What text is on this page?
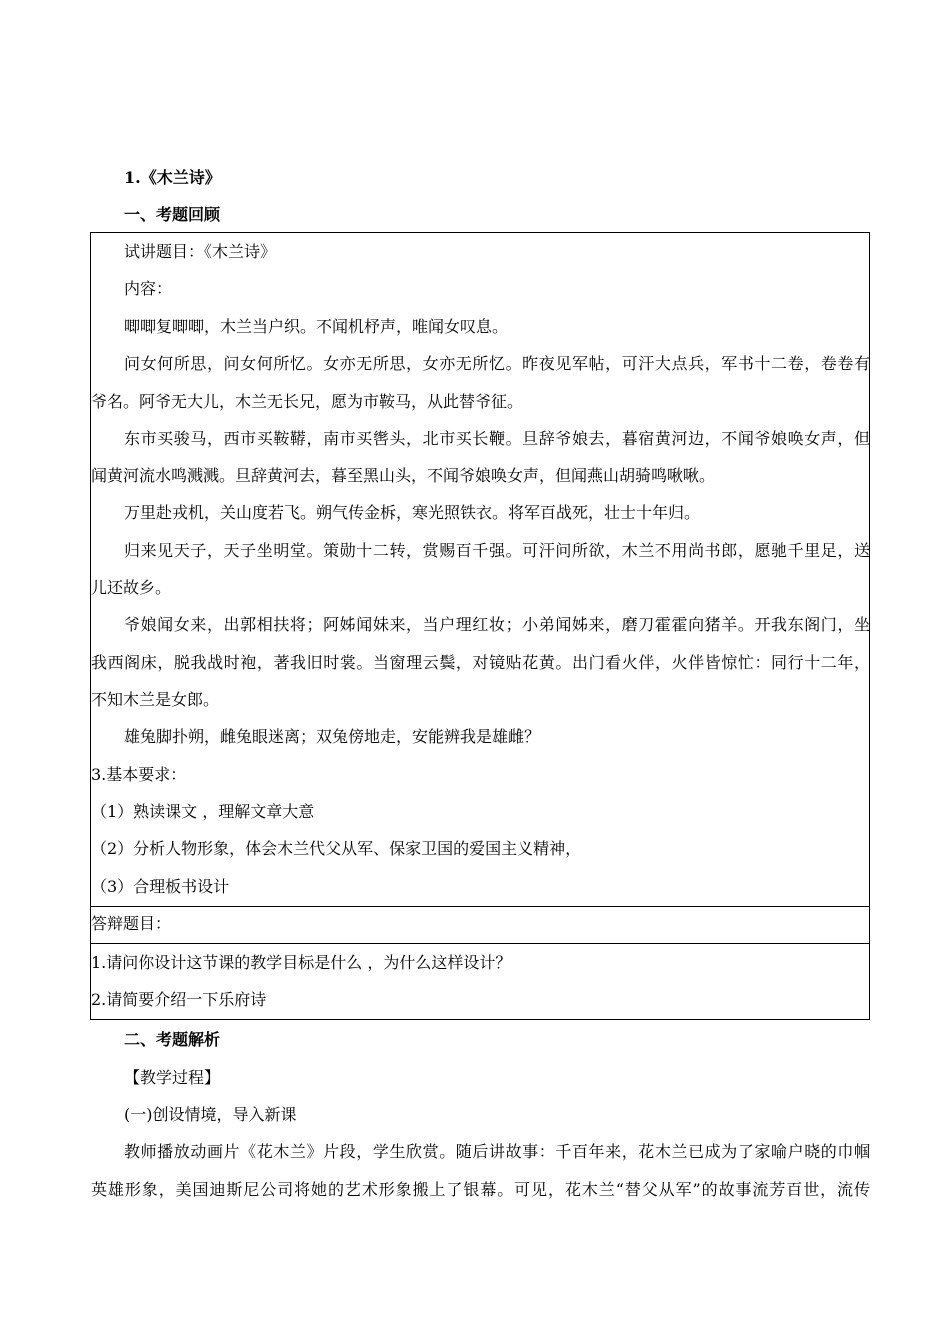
1.《木兰诗》
一、考题回顾
试讲题目：《木兰诗》
内容：
唧唧复唧唧，木兰当户织。不闻机杼声，唯闻女叹息。
问女何所思，问女何所忆。女亦无所思，女亦无所忆。昨夜见军帖，可汗大点兵，军书十二卷，卷卷有
爷名。阿爷无大儿，木兰无长兄，愿为市鞍马，从此替爷征。
东市买骏马，西市买鞍鞯，南市买辔头，北市买长鞭。旦辞爷娘去，暮宿黄河边，不闻爷娘唤女声，但
闻黄河流水鸣溅溅。旦辞黄河去，暮至黑山头，不闻爷娘唤女声，但闻燕山胡骑鸣啾啾。
万里赴戎机，关山度若飞。朔气传金柝，寒光照铁衣。将军百战死，壮士十年归。
归来见天子，天子坐明堂。策勋十二转，赏赐百千强。可汗问所欲，木兰不用尚书郎，愿驰千里足，送
儿还故乡。
爷娘闻女来，出郭相扶将；阿姊闻妹来，当户理红妆；小弟闻姊来，磨刀霍霍向猪羊。开我东阁门，坐
我西阁床，脱我战时袍，著我旧时裳。当窗理云鬓，对镜贴花黄。出门看火伴，火伴皆惊忙：同行十二年，
不知木兰是女郎。
雄兔脚扑朔，雌兔眼迷离；双兔傍地走，安能辨我是雄雌？
3.基本要求：
（1）熟读课文 ，理解文章大意
（2）分析人物形象，体会木兰代父从军、保家卫国的爱国主义精神，
（3）合理板书设计
答辩题目：
1.请问你设计这节课的教学目标是什么 ，为什么这样设计？
2.请简要介绍一下乐府诗
二、考题解析
【教学过程】
(一)创设情境，导入新课
教师播放动画片《花木兰》片段，学生欣赏。随后讲故事：千百年来，花木兰已成为了家喻户晓的巾帼
英雄形象，美国迪斯尼公司将她的艺术形象搬上了银幕。可见，花木兰“替父从军”的故事流芳百世，流传
